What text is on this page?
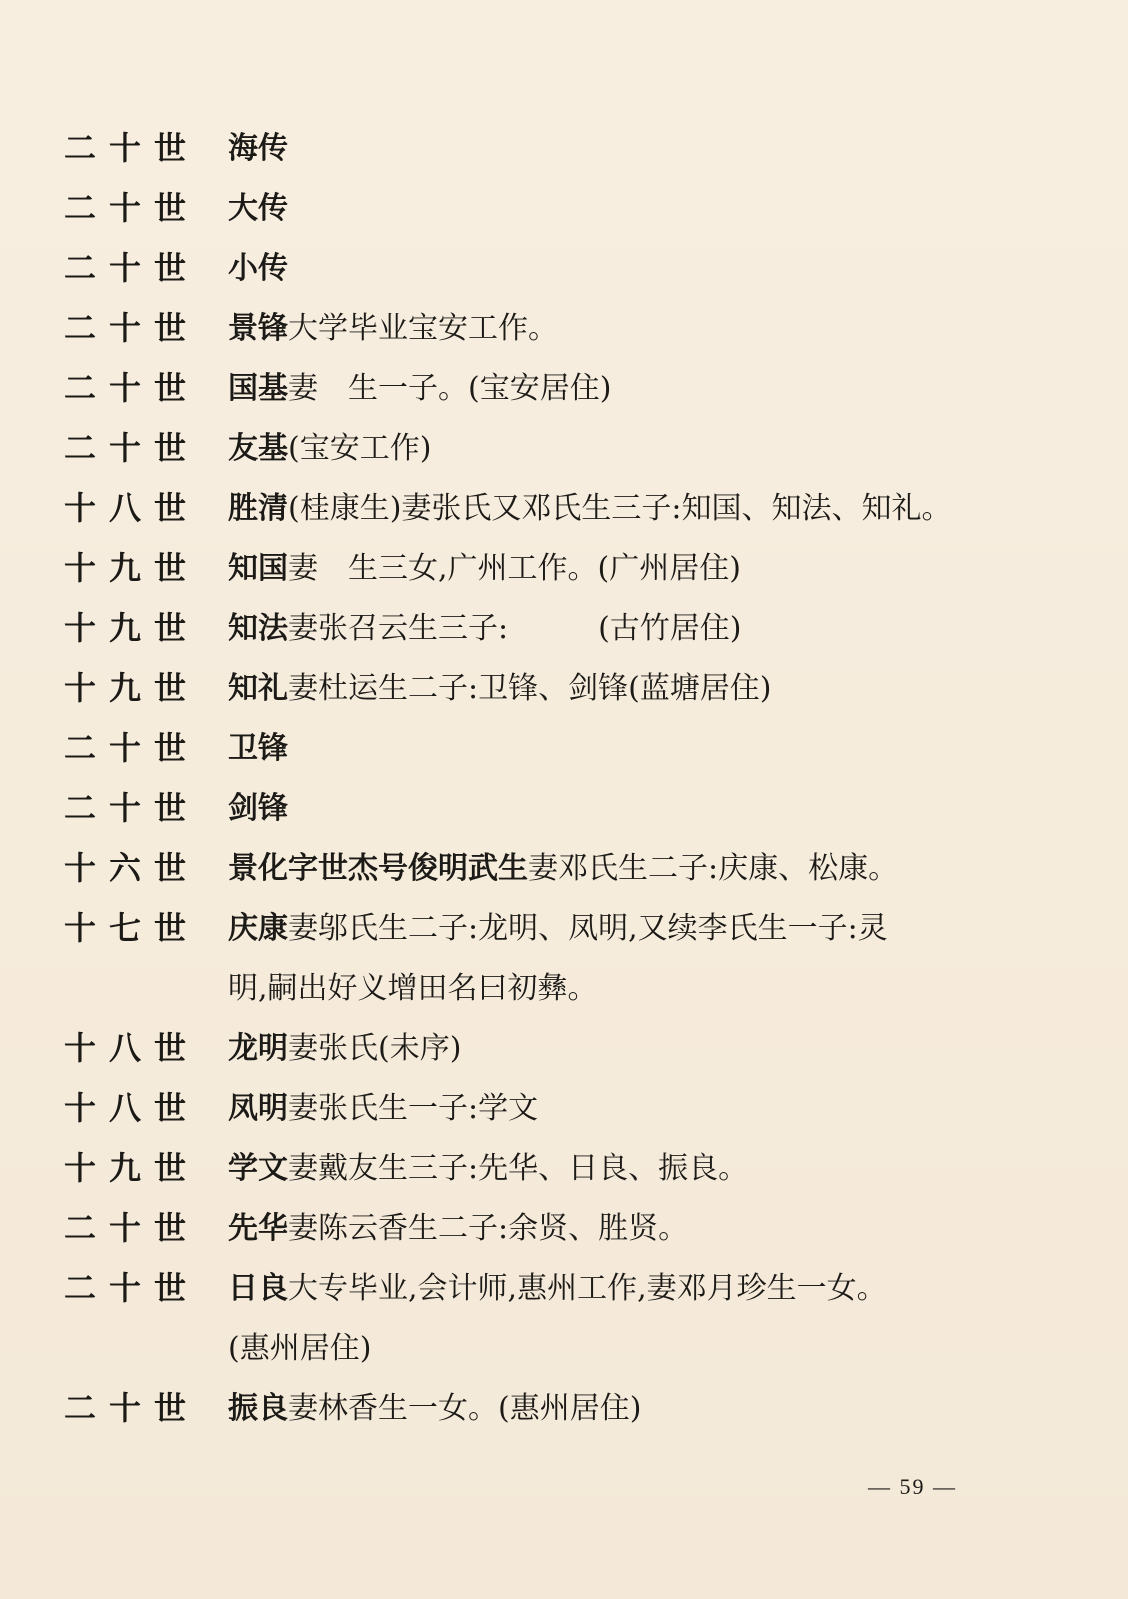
二十世 海传
二十世 大传
二十世 小传
二十世 景锋大学毕业宝安工作。
二十世 国基妻　生一子。(宝安居住)
二十世 友基(宝安工作)
十八世 胜清(桂康生)妻张氏又邓氏生三子:知国、知法、知礼。
十九世 知国妻　生三女,广州工作。(广州居住)
十九世 知法妻张召云生三子:　　　(古竹居住)
十九世 知礼妻杜运生二子:卫锋、剑锋(蓝塘居住)
二十世 卫锋
二十世 剑锋
十六世 景化字世杰号俊明武生妻邓氏生二子:庆康、松康。
十七世 庆康妻邬氏生二子:龙明、凤明,又续李氏生一子:灵
明,嗣出好义增田名曰初彝。
十八世 龙明妻张氏(未序)
十八世 凤明妻张氏生一子:学文
十九世 学文妻戴友生三子:先华、日良、振良。
二十世 先华妻陈云香生二子:余贤、胜贤。
二十世 日良大专毕业,会计师,惠州工作,妻邓月珍生一女。
(惠州居住)
二十世 振良妻林香生一女。(惠州居住)
— 59 —
